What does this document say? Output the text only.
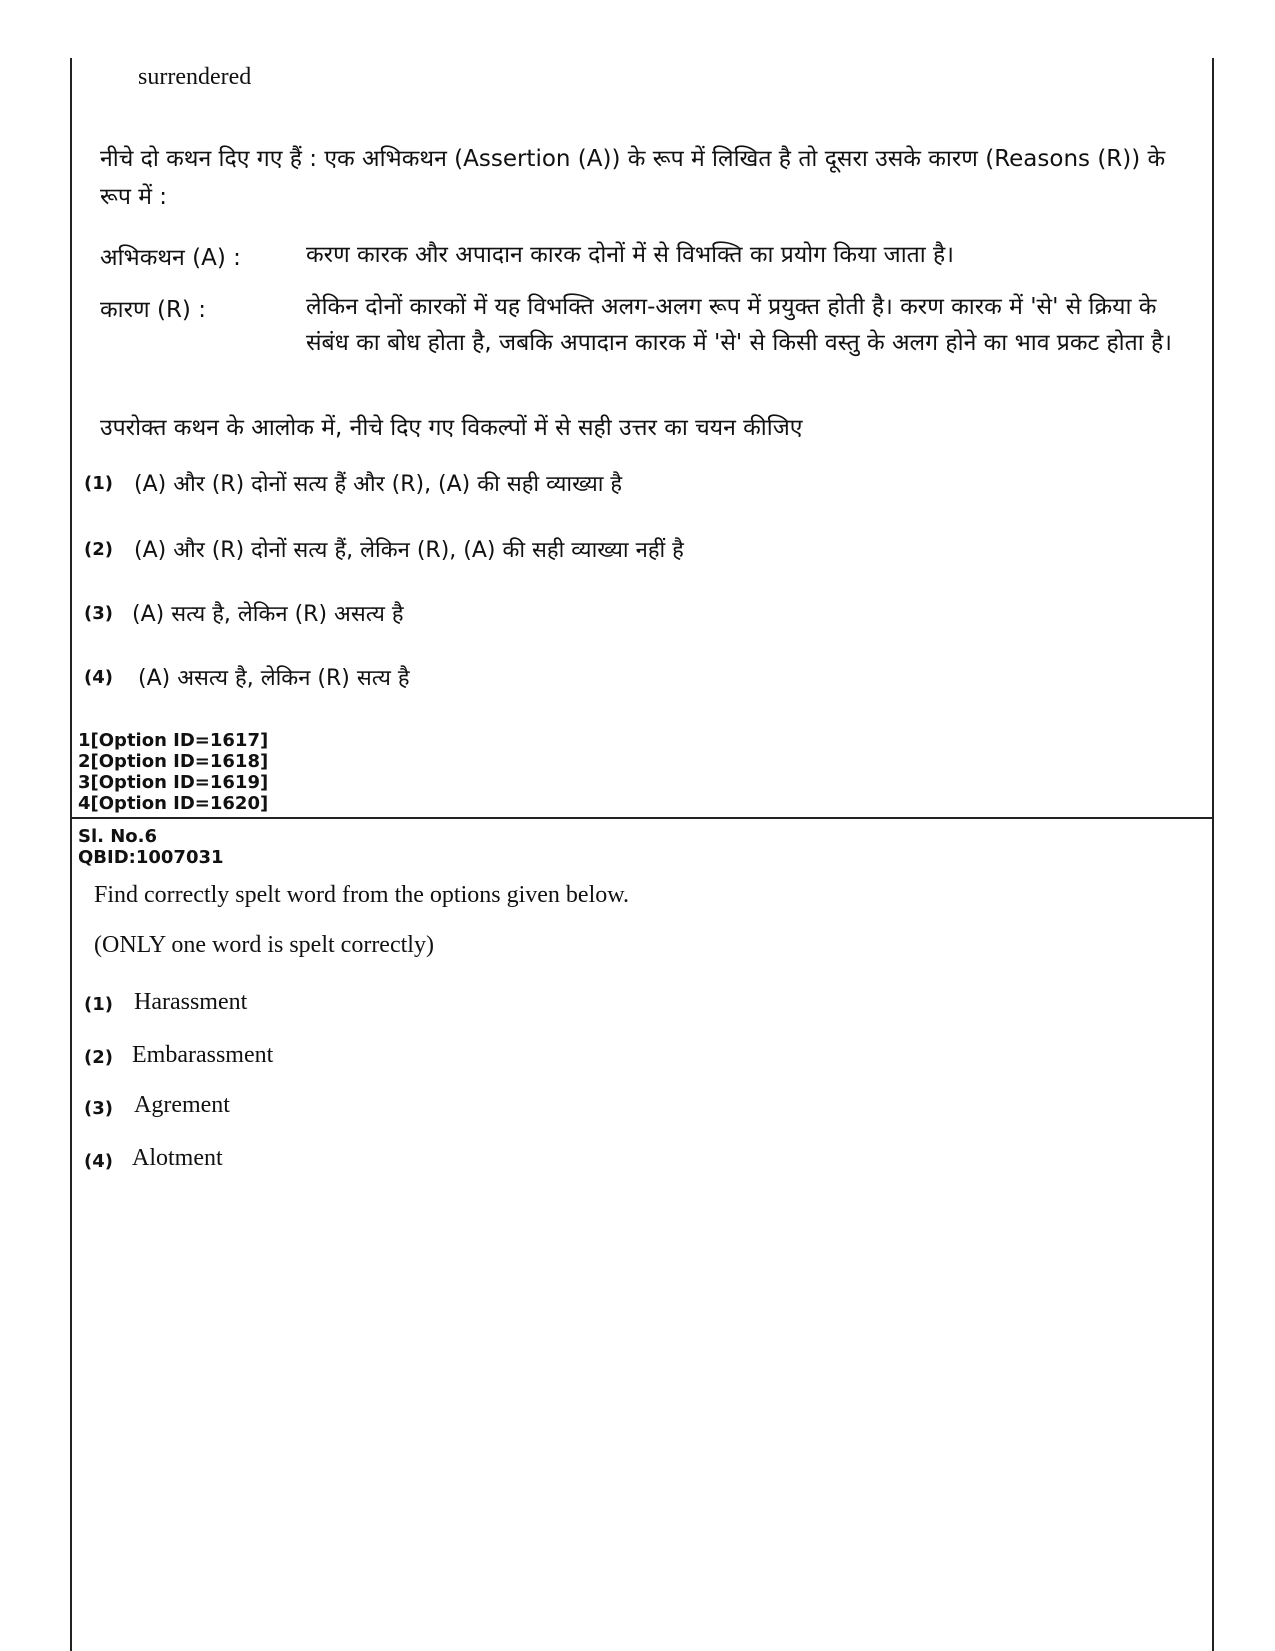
surrendered
नीचे दो कथन दिए गए हैं : एक अभिकथन (Assertion (A)) के रूप में लिखित है तो दूसरा उसके कारण (Reasons (R)) के रूप में :
अभिकथन (A) :	करण कारक और अपादान कारक दोनों में से विभक्ति का प्रयोग किया जाता है।
कारण (R) :	लेकिन दोनों कारकों में यह विभक्ति अलग-अलग रूप में प्रयुक्त होती है। करण कारक में 'से' से क्रिया के संबंध का बोध होता है, जबकि अपादान कारक में 'से' से किसी वस्तु के अलग होने का भाव प्रकट होता है।
उपरोक्त कथन के आलोक में, नीचे दिए गए विकल्पों में से सही उत्तर का चयन कीजिए
(1) (A) और (R) दोनों सत्य हैं और (R), (A) की सही व्याख्या है
(2) (A) और (R) दोनों सत्य हैं, लेकिन (R), (A) की सही व्याख्या नहीं है
(3) (A) सत्य है, लेकिन (R) असत्य है
(4) (A) असत्य है, लेकिन (R) सत्य है
1[Option ID=1617]
2[Option ID=1618]
3[Option ID=1619]
4[Option ID=1620]
Sl. No.6
QBID:1007031
Find correctly spelt word from the options given below.
(ONLY one word is spelt correctly)
(1) Harassment
(2) Embarassment
(3) Agrement
(4) Alotment
